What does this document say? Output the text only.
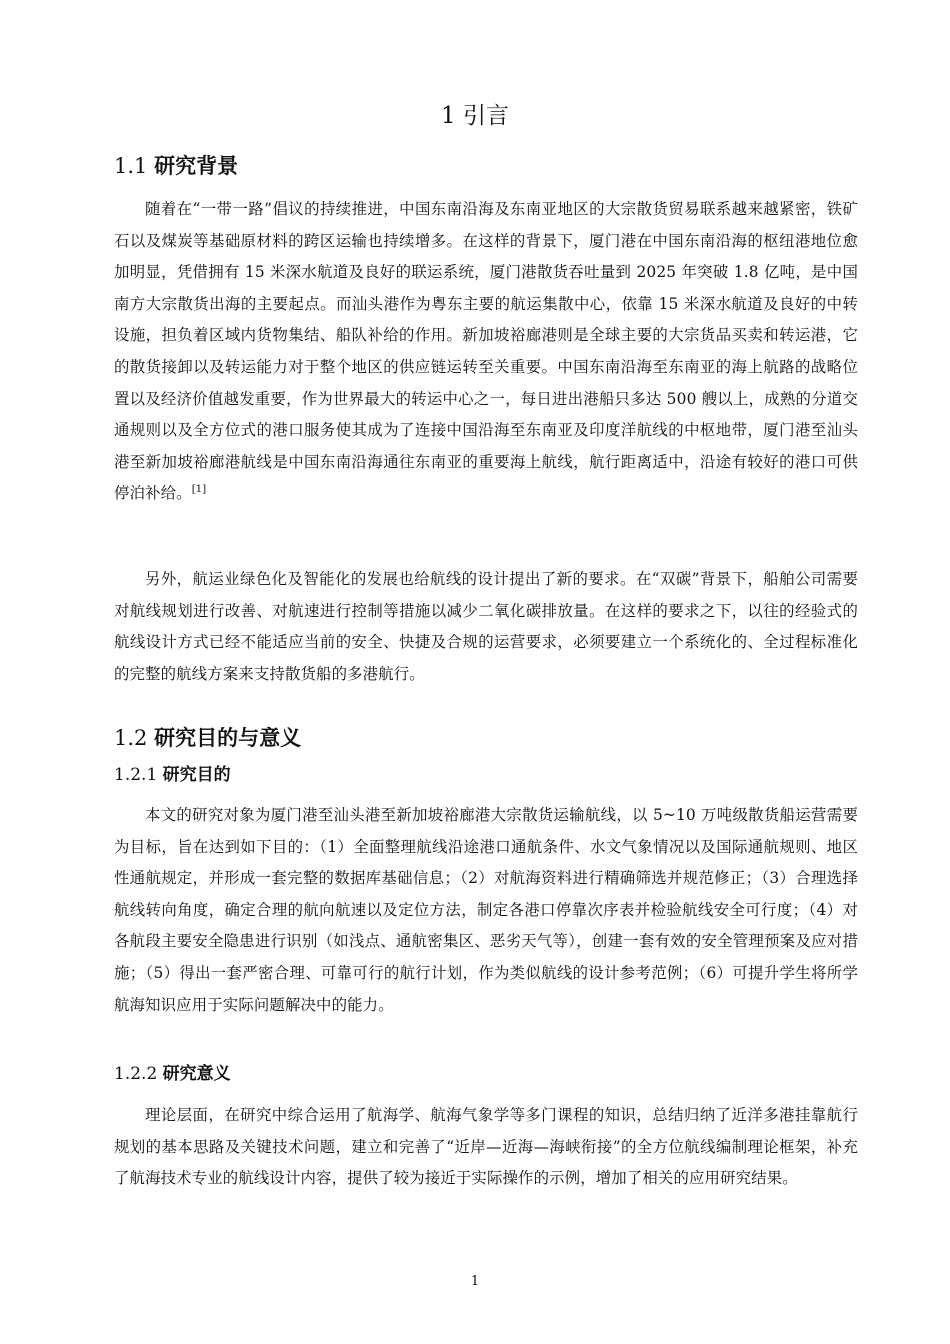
1 引言
1.1 研究背景

随着在“一带一路”倡议的持续推进，中国东南沿海及东南亚地区的大宗散货贸易联系越来越紧密，铁矿石以及煤炭等基础原材料的跨区运输也持续增多。在这样的背景下，厦门港在中国东南沿海的枢纽港地位愈加明显，凭借拥有 15 米深水航道及良好的联运系统，厦门港散货吞吐量到 2025 年突破 1.8 亿吨，是中国南方大宗散货出海的主要起点。而汕头港作为粤东主要的航运集散中心，依靠 15 米深水航道及良好的中转设施，担负着区域内货物集结、船队补给的作用。新加坡裕廊港则是全球主要的大宗货品买卖和转运港，它的散货接卸以及转运能力对于整个地区的供应链运转至关重要。中国东南沿海至东南亚的海上航路的战略位置以及经济价值越发重要，作为世界最大的转运中心之一，每日进出港船只多达 500 艘以上，成熟的分道交通规则以及全方位式的港口服务使其成为了连接中国沿海至东南亚及印度洋航线的中枢地带，厦门港至汕头港至新加坡裕廊港航线是中国东南沿海通往东南亚的重要海上航线，航行距离适中，沿途有较好的港口可供停泊补给。[1]

另外，航运业绿色化及智能化的发展也给航线的设计提出了新的要求。在“双碳”背景下，船舶公司需要对航线规划进行改善、对航速进行控制等措施以减少二氧化碳排放量。在这样的要求之下，以往的经验式的航线设计方式已经不能适应当前的安全、快捷及合规的运营要求，必须要建立一个系统化的、全过程标准化的完整的航线方案来支持散货船的多港航行。

1.2 研究目的与意义
1.2.1 研究目的

本文的研究对象为厦门港至汕头港至新加坡裕廊港大宗散货运输航线，以 5~10 万吨级散货船运营需要为目标，旨在达到如下目的：（1）全面整理航线沿途港口通航条件、水文气象情况以及国际通航规则、地区性通航规定，并形成一套完整的数据库基础信息；（2）对航海资料进行精确筛选并规范修正；（3）合理选择航线转向角度，确定合理的航向航速以及定位方法，制定各港口停靠次序表并检验航线安全可行度；（4）对各航段主要安全隐患进行识别（如浅点、通航密集区、恶劣天气等），创建一套有效的安全管理预案及应对措施；（5）得出一套严密合理、可靠可行的航行计划，作为类似航线的设计参考范例；（6）可提升学生将所学航海知识应用于实际问题解决中的能力。

1.2.2 研究意义

理论层面，在研究中综合运用了航海学、航海气象学等多门课程的知识，总结归纳了近洋多港挂靠航行规划的基本思路及关键技术问题，建立和完善了“近岸—近海—海峡衔接”的全方位航线编制理论框架，补充了航海技术专业的航线设计内容，提供了较为接近于实际操作的示例，增加了相关的应用研究结果。

1
